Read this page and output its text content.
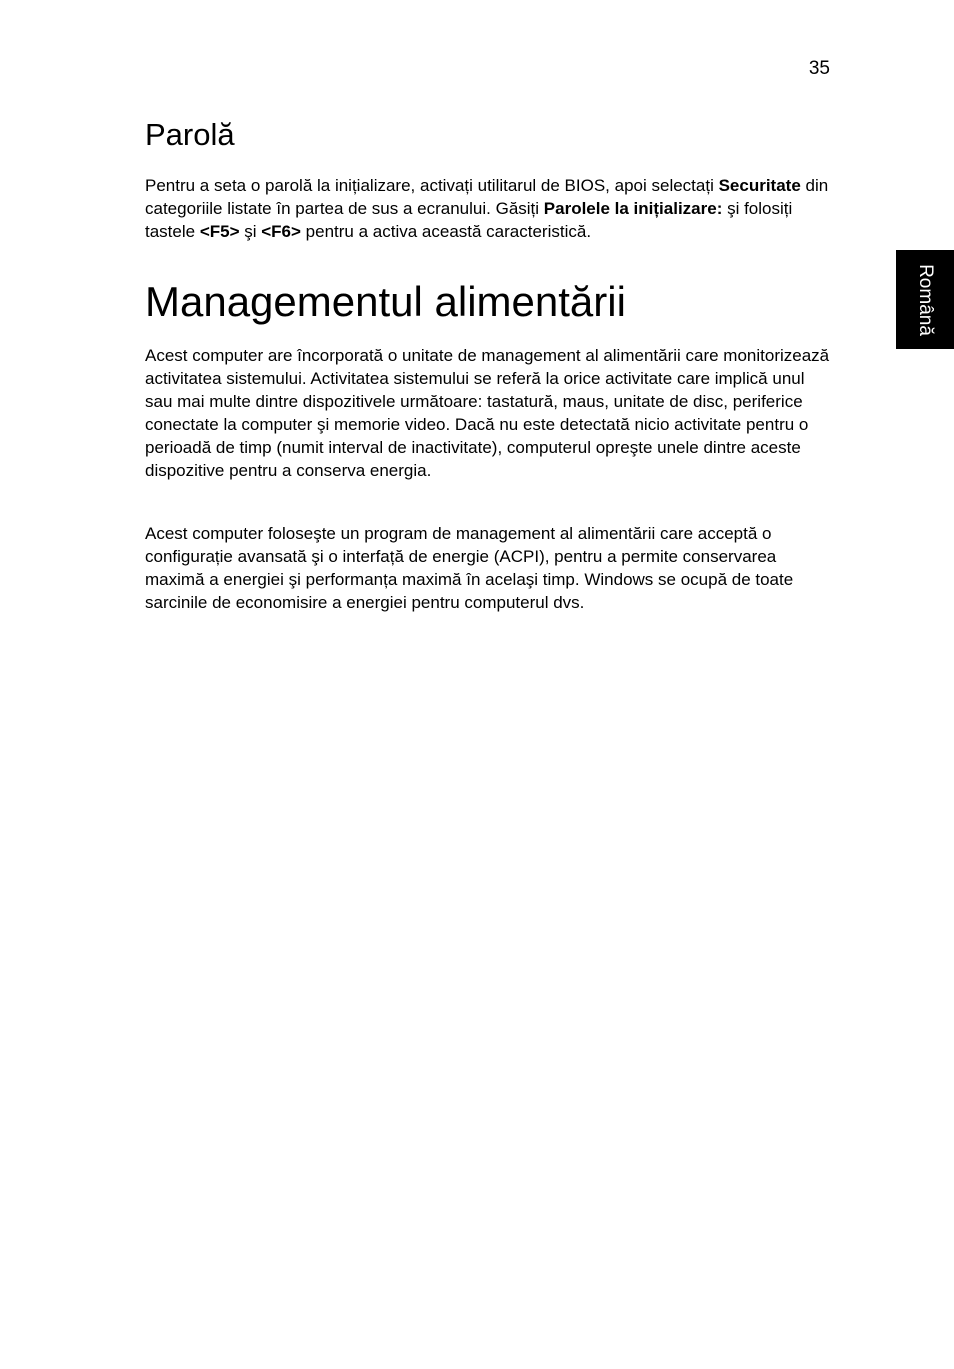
35
Română
Parolă

Pentru a seta o parolă la inițializare, activați utilitarul de BIOS, apoi selectați Securitate din categoriile listate în partea de sus a ecranului. Găsiți Parolele la inițializare: şi folosiți tastele <F5> şi <F6> pentru a activa această caracteristică.

Managementul alimentării

Acest computer are încorporată o unitate de management al alimentării care monitorizează activitatea sistemului. Activitatea sistemului se referă la orice activitate care implică unul sau mai multe dintre dispozitivele următoare: tastatură, maus, unitate de disc, periferice conectate la computer şi memorie video. Dacă nu este detectată nicio activitate pentru o perioadă de timp (numit interval de inactivitate), computerul opreşte unele dintre aceste dispozitive pentru a conserva energia.

Acest computer foloseşte un program de management al alimentării care acceptă o configurație avansată şi o interfață de energie (ACPI), pentru a permite conservarea maximă a energiei şi performanța maximă în acelaşi timp. Windows se ocupă de toate sarcinile de economisire a energiei pentru computerul dvs.
